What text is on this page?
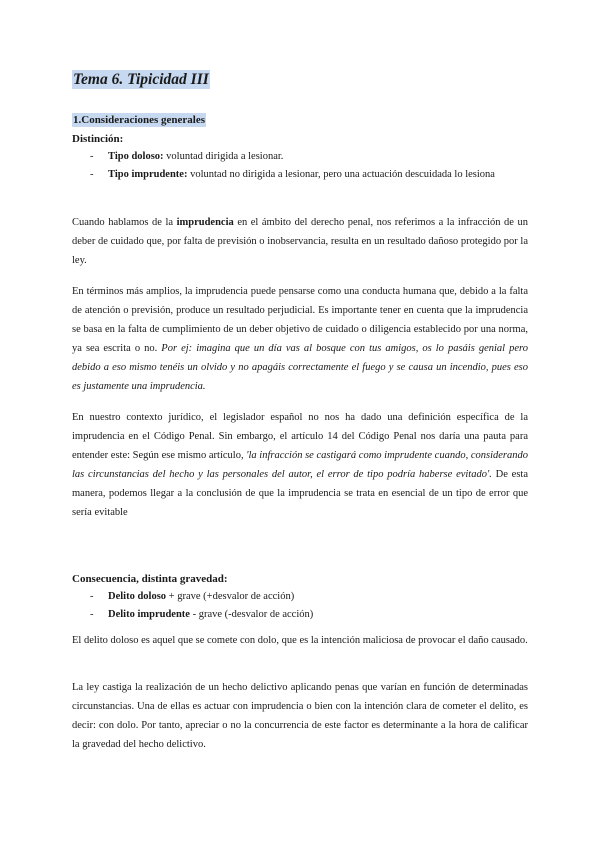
Tema 6. Tipicidad III
1.Consideraciones generales
Distinción:
- Tipo doloso: voluntad dirigida a lesionar.
- Tipo imprudente: voluntad no dirigida a lesionar, pero una actuación descuidada lo lesiona

Cuando hablamos de la imprudencia en el ámbito del derecho penal, nos referimos a la infracción de un deber de cuidado que, por falta de previsión o inobservancia, resulta en un resultado dañoso protegido por la ley.

En términos más amplios, la imprudencia puede pensarse como una conducta humana que, debido a la falta de atención o previsión, produce un resultado perjudicial. Es importante tener en cuenta que la imprudencia se basa en la falta de cumplimiento de un deber objetivo de cuidado o diligencia establecido por una norma, ya sea escrita o no. Por ej: imagina que un día vas al bosque con tus amigos, os lo pasáis genial pero debido a eso mismo tenéis un olvido y no apagáis correctamente el fuego y se causa un incendio, pues eso es justamente una imprudencia.

En nuestro contexto jurídico, el legislador español no nos ha dado una definición específica de la imprudencia en el Código Penal. Sin embargo, el artículo 14 del Código Penal nos daría una pauta para entender este: Según ese mismo artículo, 'la infracción se castigará como imprudente cuando, considerando las circunstancias del hecho y las personales del autor, el error de tipo podría haberse evitado'. De esta manera, podemos llegar a la conclusión de que la imprudencia se trata en esencial de un tipo de error que sería evitable

Consecuencia, distinta gravedad:
- Delito doloso + grave (+desvalor de acción)
- Delito imprudente - grave (-desvalor de acción)

El delito doloso es aquel que se comete con dolo, que es la intención maliciosa de provocar el daño causado.

La ley castiga la realización de un hecho delictivo aplicando penas que varían en función de determinadas circunstancias. Una de ellas es actuar con imprudencia o bien con la intención clara de cometer el delito, es decir: con dolo. Por tanto, apreciar o no la concurrencia de este factor es determinante a la hora de calificar la gravedad del hecho delictivo.
